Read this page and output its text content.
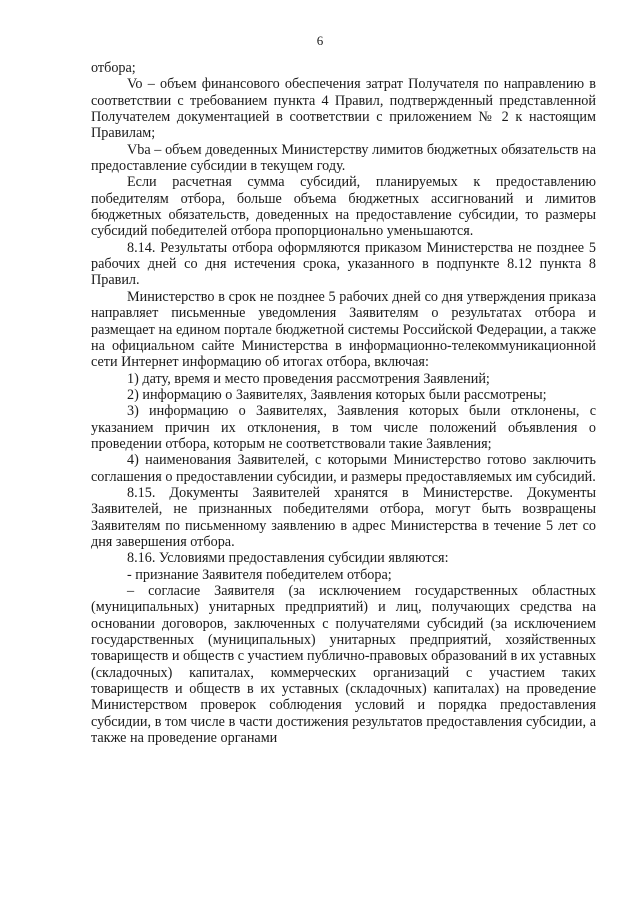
6

отбора;

Vo – объем финансового обеспечения затрат Получателя по направлению в соответствии с требованием пункта 4 Правил, подтвержденный представленной Получателем документацией в соответствии с приложением № 2 к настоящим Правилам;

Vba – объем доведенных Министерству лимитов бюджетных обязательств на предоставление субсидии в текущем году.

Если расчетная сумма субсидий, планируемых к предоставлению победителям отбора, больше объема бюджетных ассигнований и лимитов бюджетных обязательств, доведенных на предоставление субсидии, то размеры субсидий победителей отбора пропорционально уменьшаются.

8.14. Результаты отбора оформляются приказом Министерства не позднее 5 рабочих дней со дня истечения срока, указанного в подпункте 8.12 пункта 8 Правил.

Министерство в срок не позднее 5 рабочих дней со дня утверждения приказа направляет письменные уведомления Заявителям о результатах отбора и размещает на едином портале бюджетной системы Российской Федерации, а также на официальном сайте Министерства в информационно-телекоммуникационной сети Интернет информацию об итогах отбора, включая:

1) дату, время и место проведения рассмотрения Заявлений;

2) информацию о Заявителях, Заявления которых были рассмотрены;

3) информацию о Заявителях, Заявления которых были отклонены, с указанием причин их отклонения, в том числе положений объявления о проведении отбора, которым не соответствовали такие Заявления;

4) наименования Заявителей, с которыми Министерство готово заключить соглашения о предоставлении субсидии, и размеры предоставляемых им субсидий.

8.15. Документы Заявителей хранятся в Министерстве. Документы Заявителей, не признанных победителями отбора, могут быть возвращены Заявителям по письменному заявлению в адрес Министерства в течение 5 лет со дня завершения отбора.

8.16. Условиями предоставления субсидии являются:

- признание Заявителя победителем отбора;

– согласие Заявителя (за исключением государственных областных (муниципальных) унитарных предприятий) и лиц, получающих средства на основании договоров, заключенных с получателями субсидий (за исключением государственных (муниципальных) унитарных предприятий, хозяйственных товариществ и обществ с участием публично-правовых образований в их уставных (складочных) капиталах, коммерческих организаций с участием таких товариществ и обществ в их уставных (складочных) капиталах) на проведение Министерством проверок соблюдения условий и порядка предоставления субсидии, в том числе в части достижения результатов предоставления субсидии, а также на проведение органами
